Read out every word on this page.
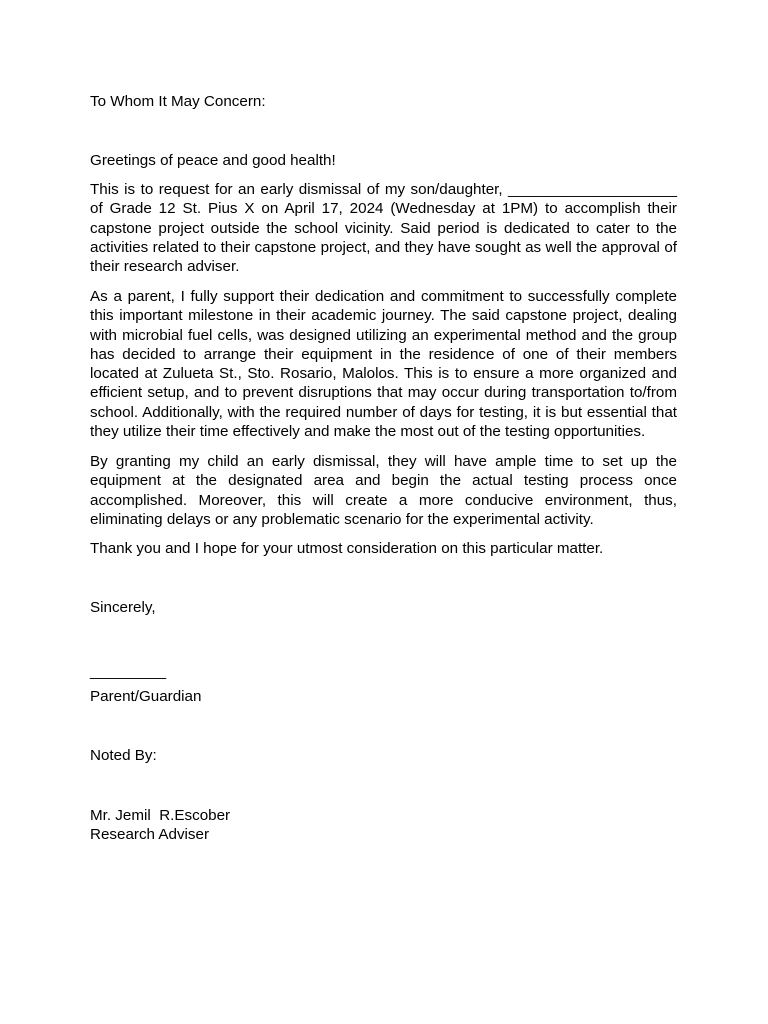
To Whom It May Concern:
Greetings of peace and good health!
This is to request for an early dismissal of my son/daughter, ____________________ of Grade 12 St. Pius X on April 17, 2024 (Wednesday at 1PM) to accomplish their capstone project outside the school vicinity. Said period is dedicated to cater to the activities related to their capstone project, and they have sought as well the approval of their research adviser.
As a parent, I fully support their dedication and commitment to successfully complete this important milestone in their academic journey. The said capstone project, dealing with microbial fuel cells, was designed utilizing an experimental method and the group has decided to arrange their equipment in the residence of one of their members located at Zulueta St., Sto. Rosario, Malolos. This is to ensure a more organized and efficient setup, and to prevent disruptions that may occur during transportation to/from school. Additionally, with the required number of days for testing, it is but essential that they utilize their time effectively and make the most out of the testing opportunities.
By granting my child an early dismissal, they will have ample time to set up the equipment at the designated area and begin the actual testing process once accomplished. Moreover, this will create a more conducive environment, thus, eliminating delays or any problematic scenario for the experimental activity.
Thank you and I hope for your utmost consideration on this particular matter.
Sincerely,
_________
Parent/Guardian
Noted By:
Mr. Jemil  R.Escober
Research Adviser
